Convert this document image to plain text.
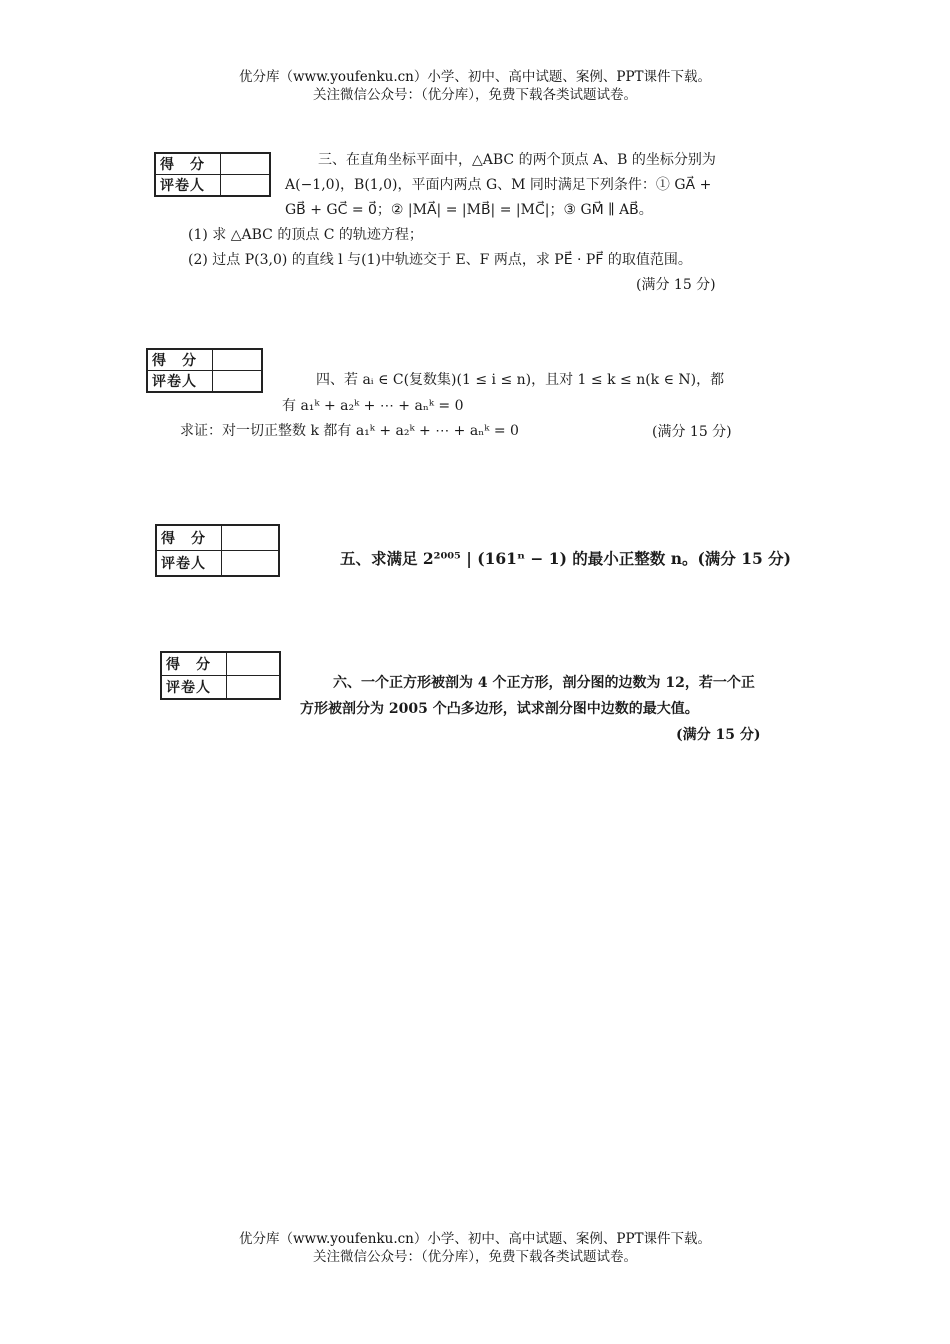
优分库（www.youfenku.cn）小学、初中、高中试题、案例、PPT课件下载。
关注微信公众号：（优分库），免费下载各类试题试卷。
得　分	
评卷人	
三、在直角坐标平面中，△ABC 的两个顶点 A、B 的坐标分别为
A(−1,0)，B(1,0)，平面内两点 G、M 同时满足下列条件：① GA⃗ +
GB⃗ + GC⃗ = 0⃗；② |MA⃗| = |MB⃗| = |MC⃗|；③ GM⃗ ∥ AB⃗。
(1) 求 △ABC 的顶点 C 的轨迹方程；
(2) 过点 P(3,0) 的直线 l 与(1)中轨迹交于 E、F 两点，求 PE⃗ · PF⃗ 的取值范围。
(满分 15 分)
得　分	
评卷人		四、若 aᵢ ∈ C(复数集)(1 ≤ i ≤ n)，且对 1 ≤ k ≤ n(k ∈ N)，都
有 a₁ᵏ + a₂ᵏ + ⋯ + aₙᵏ = 0
求证：对一切正整数 k 都有 a₁ᵏ + a₂ᵏ + ⋯ + aₙᵏ = 0	(满分 15 分)
得　分	
评卷人		五、求满足 2²⁰⁰⁵ | (161ⁿ − 1) 的最小正整数 n。(满分 15 分)
得　分	
评卷人		六、一个正方形被剖为 4 个正方形，剖分图的边数为 12，若一个正
方形被剖分为 2005 个凸多边形，试求剖分图中边数的最大值。
(满分 15 分)
优分库（www.youfenku.cn）小学、初中、高中试题、案例、PPT课件下载。
关注微信公众号：（优分库），免费下载各类试题试卷。
